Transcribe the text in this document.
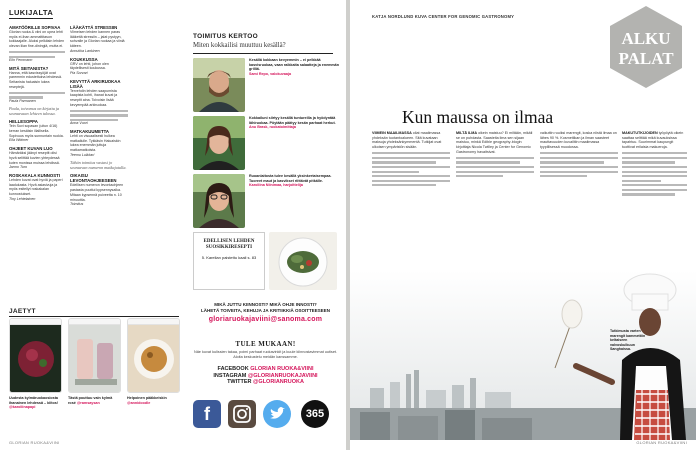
LUKIJALTA
AMATÖÖRILLE SOPIVAA
Glorian ruoka & viini on upea lehti myös ei-ihan ammattitason kokkaajalle. Aluksi pelkäsin lehden olevan liian fine-diningiä, mutta ei.
Elin Fernmann
MITÄ SEITANISTA?
Hanna, että kasvissyöjät ovat paremmin edustettuina lehdessä. Seitanista haluaisin lukea reseptejä.
Paula Parmanen
Paula, toivomus on kirjattu ja seuraavaan lehteen tulossa.
HELLESOPPA
Tein Suvi sopasan (uitun 4/16) kerran kesäisin illallisella. Sopivuus myös sunnuntain ruokia.
Ella Widmer
OHJEET KUVAN LUO
Hämäräksi jäänyt reseptit olisi hyvä selittää kuvien yhteydessä kuten monissa muissa lehdissä.
Jarmo Turo
ROSKAKALA KUNNOSTI
Lehden kuvat ovat hyviä ja paperi laadukasta. Hyvä asiasivuja ja myös esitellyt roskakalan kunnostukset.
Tiny Lehtelainen
LÄÄKÄTTÄ STRESSIIN
Viimeisen lehden kannen paras lääkettä stressiin – jalat pystyyn, sohvalle ja Glorian ruokaa ja viiniä käteen.
Annukka Lankinen
KOUKKUSSA
GRV on lehti, johon olen täydellisesti koukussa.
Pia Sorvari
KEVYTTÄ ARKIRUOKAA LISÄÄ
Tervehdin lehden saapumista kaapista kohti, ihanat kuvat ja reseptit aina. Toivoisin lisää kevyempää arkiruokaa.
Anna Vuori
MATKAKUUMETTA
Lehti on visuaalisesti hulkea matkailulle. Tykkäsin Haiuaiskin lukea enemmän juttuja matkamatkoista.
Teemu Luikkari
Tähän toimitus vastasi jo seuraavan numeron matkajutulla.
OIKAISU LEVONTAOHJEESEEN
Edellisen numeron levontaohjeen pastasta puuttui kypsennysaika. Mitaan kypsennä puiveetta n. 10 minuuttia.
Toimitus
TOIMITUS KERTOO
Miten kokkailisi muuttuu kesällä?
Kesällä kokkaan kevyemmin – ei pelkkää kasvisruokaa, vaan raikkaita salaatteja ja enemmän grilliä.
Sami Repo, valokuvaaja
Kokkailuni siirtyy kesällä tuntureilla ja hyödyntää lähiruokaa. Pöytään päätyy kesän parhaat herkut.
Anu Brask, ruokatoimittaja
Ruoanlaitosta tulee kesällä yksinkertaisempaa. Tuoreet maut ja kasvikset riittävät pitkälle.
Karoliina Niinimaa, harjoittelija
EDELLISEN LEHDEN SUOSIKKIRESEPTI
5. Karelian paistettu kaali s. 83
MIKÄ JUTTU KIINNOSTI? MIKÄ OHJE INNOSTI?
LÄHETÄ TOIVEITA, KEHUJA JA KRITIIKKIÄ OSOITTEESEEN
gloriaruokajaviini@sanoma.com
TULE MUKAAN!
Näe kuvat kulissien takaa, poimi parhaat ruokavinkit ja kuule kiinnostavimmat uutiset. Aloita keskustelu meidän kanssamme.
FACEBOOK GLORIAN RUOKA&VIINI
INSTAGRAM @GLORIANRUOKAJAVIINI
TWITTER @GLORIANRUOKA
f	365
JAETYT
Uudesta kylmäruokaosiosta ihanainen lehdessä – kiitos! @karoliinapapi
Tästä pouttuu vain kylmä rosé @ramsaysan
Helpoinen pääkkeiskin @annidoodle
GLORIAN RUOKA&VIINI
KATJA NORDLUND KUVA CENTER FOR GENOMIC GASTRONOMY
ALKU
PALAT
Kun maussa on ilmaa
VIIMEIN MAAILMASSA oliat maailmassa yhdeksän tuotantoalueen. Sitä kuvataan maksuja yhdeksänkymmentä. Tutkijat ovat ulkoisen ympäristön sisään.
MILTÄ ILMA oikein maistuu? Ei miltään, mikäli se on puhdasta. Saasteita ilma sen sijaan maistuu, minkä Edible geography-blogin kirjoittaja Nicola Twilley ja Center for Genomic Gastronomy havaitsivat.
vaikuttin ruuiksi marengit, koska niistä ilmaa on lähes 90 %. Kosmetiikan ja ilman saasteet mauttavuuden kuvailtiin maailmassa tyypillisessä muodossa.
MAKUTUTKIJOIDEN työpöytä oikein saattaa selittää mikä kuvauksissa tapahtuu. Suurimmat kaupungit tuottivat erilaisia makueroja.
Tutkimusta varten marengit kammettiin keltaiseen valvoskulkuun Sanghaissa.
GLORIAN RUOKA&VIINI
